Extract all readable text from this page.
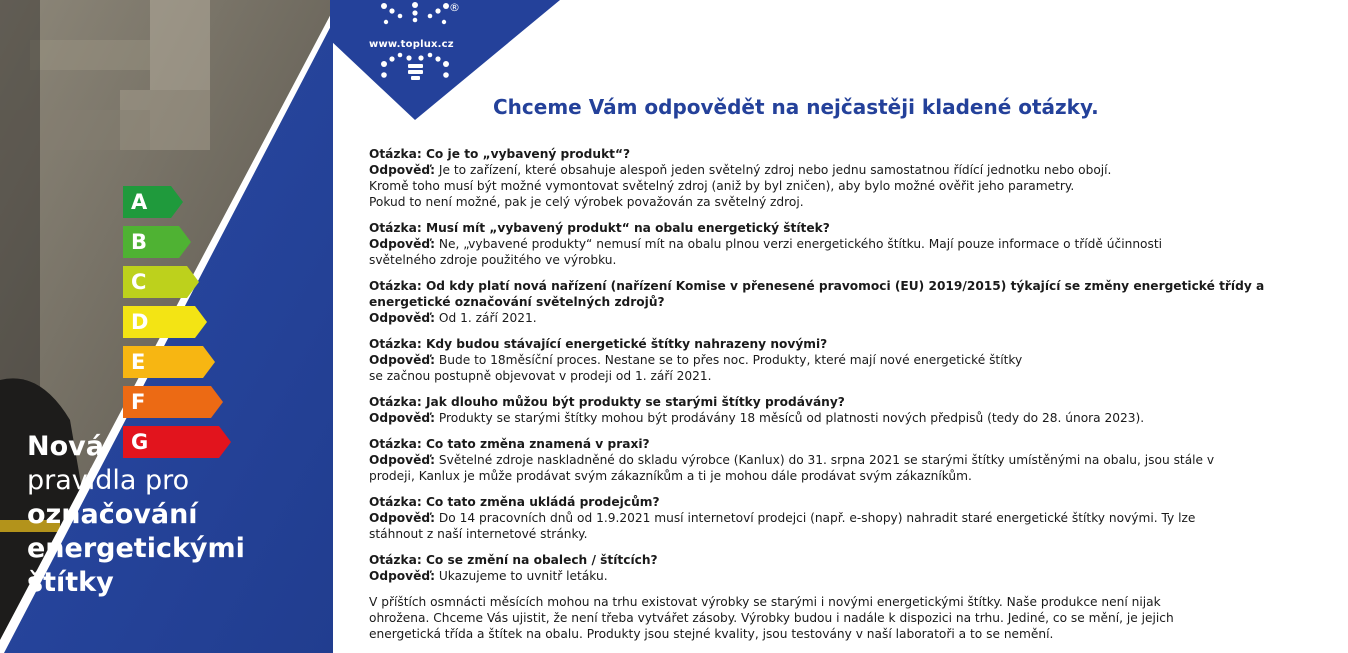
A
B
C
D
E
F
G
Nová
pravidla pro
označování
energetickými
štítky
www.toplux.cz
®
Chceme Vám odpovědět na nejčastěji kladené otázky.
Otázka: Co je to „vybavený produkt“?
Odpověď: Je to zařízení, které obsahuje alespoň jeden světelný zdroj nebo jednu samostatnou řídící jednotku nebo obojí.
Kromě toho musí být možné vymontovat světelný zdroj (aniž by byl zničen), aby bylo možné ověřit jeho parametry.
Pokud to není možné, pak je celý výrobek považován za světelný zdroj.
Otázka: Musí mít „vybavený produkt“ na obalu energetický štítek?
Odpověď: Ne, „vybavené produkty“ nemusí mít na obalu plnou verzi energetického štítku. Mají pouze informace o třídě účinnosti
světelného zdroje použitého ve výrobku.
Otázka: Od kdy platí nová nařízení (nařízení Komise v přenesené pravomoci (EU) 2019/2015) týkající se změny energetické třídy a energetické označování světelných zdrojů?
Odpověď: Od 1. září 2021.
Otázka: Kdy budou stávající energetické štítky nahrazeny novými?
Odpověď: Bude to 18měsíční proces. Nestane se to přes noc. Produkty, které mají nové energetické štítky
se začnou postupně objevovat v prodeji od 1. září 2021.
Otázka: Jak dlouho můžou být produkty se starými štítky prodávány?
Odpověď: Produkty se starými štítky mohou být prodávány 18 měsíců od platnosti nových předpisů (tedy do 28. února 2023).
Otázka: Co tato změna znamená v praxi?
Odpověď: Světelné zdroje naskladněné do skladu výrobce (Kanlux) do 31. srpna 2021 se starými štítky umístěnými na obalu, jsou stále v
prodeji, Kanlux je může prodávat svým zákazníkům a ti je mohou dále prodávat svým zákazníkům.
Otázka: Co tato změna ukládá prodejcům?
Odpověď: Do 14 pracovních dnů od 1.9.2021 musí internetoví prodejci (např. e-shopy) nahradit staré energetické štítky novými. Ty lze
stáhnout z naší internetové stránky.
Otázka: Co se změní na obalech / štítcích?
Odpověď: Ukazujeme to uvnitř letáku.
V příštích osmnácti měsících mohou na trhu existovat výrobky se starými i novými energetickými štítky. Naše produkce není nijak
ohrožena. Chceme Vás ujistit, že není třeba vytvářet zásoby. Výrobky budou i nadále k dispozici na trhu. Jediné, co se mění, je jejich
energetická třída a štítek na obalu. Produkty jsou stejné kvality, jsou testovány v naší laboratoři a to se nemění.
